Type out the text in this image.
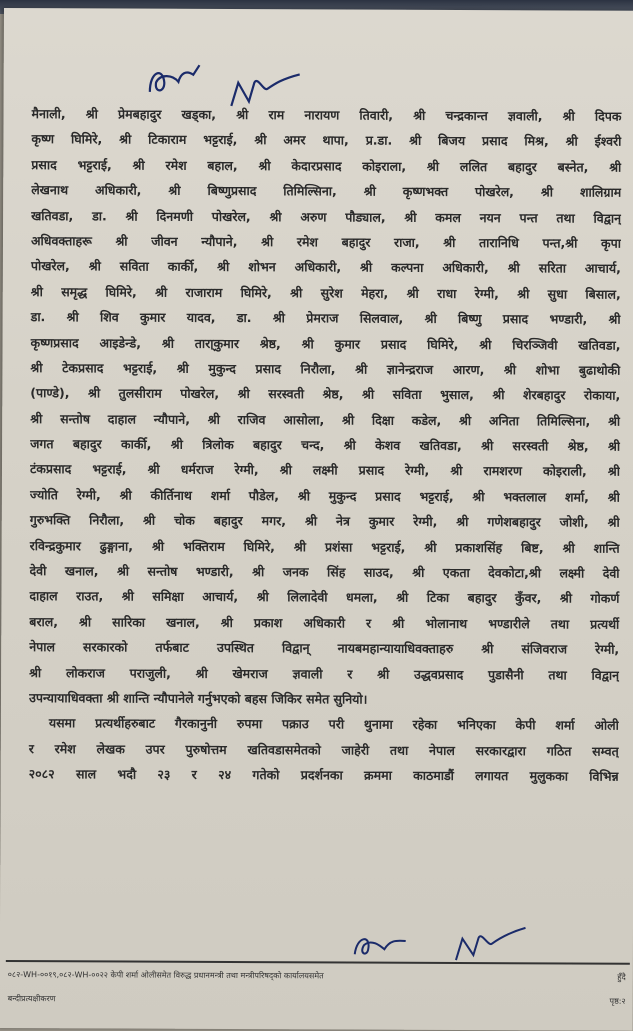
मैनाली, श्री प्रेमबहादुर खड्का, श्री राम नारायण तिवारी, श्री चन्द्रकान्त ज्ञवाली, श्री दिपक
कृष्ण घिमिरे, श्री टिकाराम भट्टराई, श्री अमर थापा, प्र.डा. श्री बिजय प्रसाद मिश्र, श्री ईश्वरी
प्रसाद भट्टराई, श्री रमेश बहाल, श्री केदारप्रसाद कोइराला, श्री ललित बहादुर बस्नेत, श्री
लेखनाथ अधिकारी, श्री बिष्णुप्रसाद तिमिल्सिना, श्री कृष्णभक्त पोखरेल, श्री शालिग्राम
खतिवडा, डा. श्री दिनमणी पोखरेल, श्री अरुण पौड्याल, श्री कमल नयन पन्त तथा विद्वान्
अधिवक्ताहरू श्री जीवन न्यौपाने, श्री रमेश बहादुर राजा, श्री तारानिधि पन्त,श्री कृपा
पोखरेल, श्री सविता कार्की, श्री शोभन अधिकारी, श्री कल्पना अधिकारी, श्री सरिता आचार्य,
श्री समृद्ध घिमिरे, श्री राजाराम घिमिरे, श्री सुरेश मेहरा, श्री राधा रेग्मी, श्री सुधा बिसाल,
डा. श्री शिव कुमार यादव, डा. श्री प्रेमराज सिलवाल, श्री बिष्णु प्रसाद भण्डारी, श्री
कृष्णप्रसाद आइडेन्डे, श्री तारा्कुमार श्रेष्ठ, श्री कुमार प्रसाद घिमिरे, श्री चिरञ्जिवी खतिवडा,
श्री टेकप्रसाद भट्टराई, श्री मुकुन्द प्रसाद निरौला, श्री ज्ञानेन्द्रराज आरण, श्री शोभा बुढाथोकी
(पाण्डे), श्री तुलसीराम पोखरेल, श्री सरस्वती श्रेष्ठ, श्री सविता भुसाल, श्री शेरबहादुर रोकाया,
श्री सन्तोष दाहाल न्यौपाने, श्री राजिव आसोला, श्री दिक्षा कडेल, श्री अनिता तिमिल्सिना, श्री
जगत बहादुर कार्की, श्री त्रिलोक बहादुर चन्द, श्री केशव खतिवडा, श्री सरस्वती श्रेष्ठ, श्री
टंकप्रसाद भट्टराई, श्री धर्मराज रेग्मी, श्री लक्ष्मी प्रसाद रेग्मी, श्री रामशरण कोइराली, श्री
ज्योति रेग्मी, श्री कीर्तिनाथ शर्मा पौडेल, श्री मुकुन्द प्रसाद भट्टराई, श्री भक्तलाल शर्मा, श्री
गुरुभक्ति निरौला, श्री चोक बहादुर मगर, श्री नेत्र कुमार रेग्मी, श्री गणेशबहादुर जोशी, श्री
रविन्द्रकुमार ढुङ्गाना, श्री भक्तिराम घिमिरे, श्री प्रशंसा भट्टराई, श्री प्रकाशसिंह बिष्ट, श्री शान्ति
देवी खनाल, श्री सन्तोष भण्डारी, श्री जनक सिंह साउद, श्री एकता देवकोटा,श्री लक्ष्मी देवी
दाहाल राउत, श्री समिक्षा आचार्य, श्री लिलादेवी धमला, श्री टिका बहादुर कुँवर, श्री गोकर्ण
बराल, श्री सारिका खनाल, श्री प्रकाश अधिकारी र श्री भोलानाथ भण्डारीले तथा प्रत्यर्थी
नेपाल सरकारको तर्फबाट उपस्थित विद्वान् नायबमहान्यायाधिवक्ताहरु श्री संजिवराज रेग्मी,
श्री लोकराज पराजुली, श्री खेमराज ज्ञवाली र श्री उद्धवप्रसाद पुडासैनी तथा विद्वान्
उपन्यायाधिवक्ता श्री शान्ति न्यौपानेले गर्नुभएको बहस जिकिर समेत सुनियो।
यसमा प्रत्यर्थीहरुबाट गैरकानुनी रुपमा पक्राउ परी थुनामा रहेका भनिएका केपी शर्मा ओली
र रमेश लेखक उपर पुरुषोत्तम खतिवडासमेतको जाहेरी तथा नेपाल सरकारद्वारा गठित सम्वत्
२०८२ साल भदौ २३ र २४ गतेको प्रदर्शनका क्रममा काठमाडौं लगायत मुलुकका विभिन्न
०८२-WH-००१९,०८२-WH-००२२ केपी शर्मा ओलीसमेत विरुद्ध प्रधानमन्त्री तथा मन्त्रीपरिषद्को कार्यालयसमेत	हुँदै
बन्दीप्रत्यक्षीकरण	पृष्ठ:२
